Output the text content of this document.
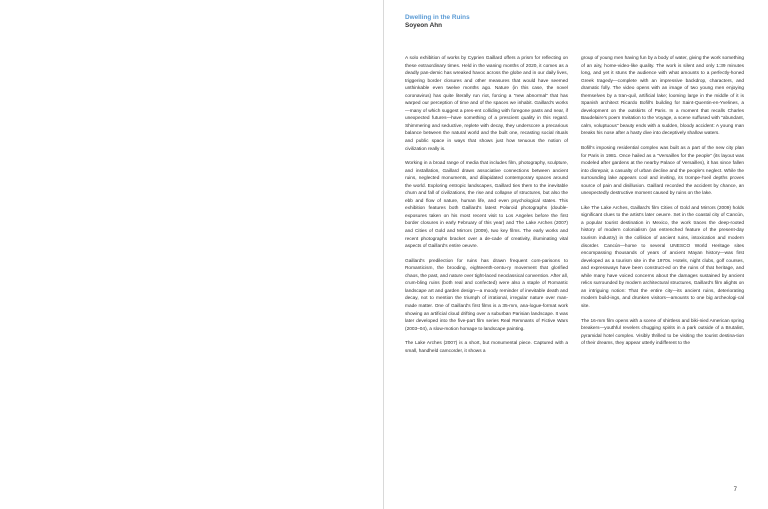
Dwelling in the Ruins
Soyeon Ahn

A solo exhibition of works by Cyprien Gaillard offers a prism for reflecting on these extraordinary times. Held in the waning months of 2020, it comes as a deadly pan-demic has wreaked havoc across the globe and in our daily lives, triggering border closures and other measures that would have seemed unthinkable even twelve months ago. Nature (in this case, the novel coronavirus) has quite literally run riot, forcing a "new abnormal" that has warped our perception of time and of the spaces we inhabit. Gaillard's works—many of which suggest a pres-ent colliding with foregone pasts and near, if unexpected futures—have something of a prescient quality in this regard. Shimmering and seductive, replete with decay, they underscore a precarious balance between the natural world and the built one, recasting social rituals and public space in ways that shows just how tenuous the notion of civilization really is.

Working in a broad range of media that includes film, photography, sculpture, and installation, Gaillard draws associative connections between ancient ruins, neglected monuments, and dilapidated contemporary spaces around the world. Exploring entropic landscapes, Gaillard ties them to the inevitable churn and fall of civilizations, the rise and collapse of structures, but also the ebb and flow of nature, human life, and even psychological states. This exhibition features both Gaillard's latest Polaroid photographs (double-exposures taken on his most recent visit to Los Angeles before the first border closures in early February of this year) and The Lake Arches (2007) and Cities of Gold and Mirrors (2009), two key films. The early works and recent photographs bracket over a de-cade of creativity, illuminating vital aspects of Gaillard's entire oeuvre.

Gaillard's predilection for ruins has drawn frequent com-parisons to Romanticism, the brooding, eighteenth-centu-ry movement that glorified chaos, the past, and nature over tight-laced neoclassical convention. After all, crum-bling ruins (both real and confected) were also a staple of Romantic landscape art and garden design—a moody reminder of inevitable death and decay, not to mention the triumph of irrational, irregular nature over man-made matter. One of Gaillard's first films is a 35-mm, ana-logue-format work showing an artificial cloud drifting over a suburban Parisian landscape. It was later developed into the five-part film series Real Remnants of Fictive Wars (2003–04), a slow-motion homage to landscape painting.

The Lake Arches (2007) is a short, but monumental piece. Captured with a small, handheld camcorder, it shows a

group of young men having fun by a body of water, giving the work something of an airy, home-video-like quality. The work is silent and only 1:39 minutes long, and yet it stuns the audience with what amounts to a perfectly-honed Greek tragedy—complete with an impressive backdrop, characters, and dramatic folly. The video opens with an image of two young men enjoying themselves by a tran-quil, artificial lake; looming large in the middle of it is Spanish architect Ricardo Bofill's building for Saint-Quentin-en-Yvelines, a development on the outskirts of Paris. In a moment that recalls Charles Baudelaire's poem Invitation to the Voyage, a scene suffused with "abundant, calm, voluptuous" beauty ends with a sudden, bloody accident: A young man breaks his nose after a hasty dive into deceptively shallow waters.

Bofill's imposing residential complex was built as a part of the new city plan for Paris in 1981. Once hailed as a "Versailles for the people" (its layout was modeled after gardens at the nearby Palace of Versailles), it has since fallen into disrepair, a casualty of urban decline and the people's neglect. While the surrounding lake appears cool and inviting, its trompe-l'oeil depths proves source of pain and disillusion. Gaillard recorded the accident by chance, an unexpectedly destructive moment caused by ruins on the lake.

Like The Lake Arches, Gaillard's film Cities of Gold and Mirrors (2009) holds significant clues to the artist's later oeuvre. Set in the coastal city of Cancún, a popular tourist destination in Mexico, the work traces the deep-rooted history of modern colonialism (an entrenched feature of the present-day tourism industry) in the collision of ancient ruins, intoxication and modern disorder. Cancún—home to several UNESCO World Heritage sites encompassing thousands of years of ancient Mayan history—was first developed as a tourism site in the 1970s. Hotels, night clubs, golf courses, and expressways have been construct-ed on the ruins of that heritage, and while many have voiced concerns about the damages sustained by ancient relics surrounded by modern architectural structures, Gaillard's film alights on an intriguing notion: That the entire city—its ancient ruins, deteriorating modern build-ings, and drunken visitors—amounts to one big archeologi-cal site.

The 16-mm film opens with a scene of shirtless and biki-nied American spring breakers—youthful revelers chugging spirits in a park outside of a Brutalist, pyramidal hotel complex. Visibly thrilled to be visiting the tourist destina-tion of their dreams, they appear utterly indifferent to the

7
